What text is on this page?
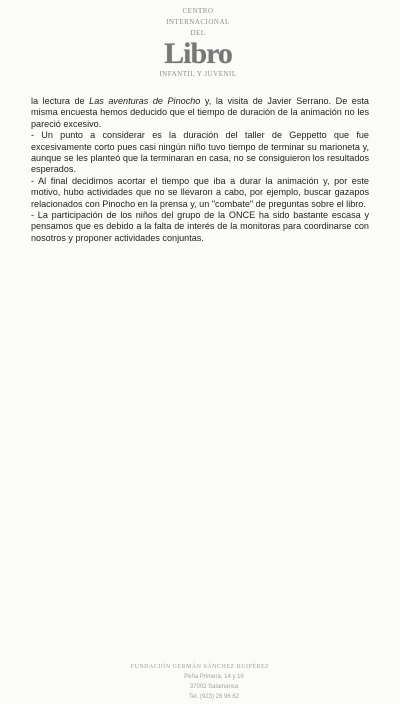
CENTRO
INTERNACIONAL
DEL
Libro
INFANTIL Y JUVENIL

la lectura de Las aventuras de Pinocho y, la visita de Javier Serrano. De esta misma encuesta hemos deducido que el tiempo de duración de la animación no les pareció excesivo.

- Un punto a considerar es la duración del taller de Geppetto que fue excesivamente corto pues casi ningún niño tuvo tiempo de terminar su marioneta y, aunque se les planteó que la terminaran en casa, no se consiguieron los resultados esperados.

- Al final decidimos acortar el tiempo que iba a durar la animación y, por este motivo, hubo actividades que no se llevaron a cabo, por ejemplo, buscar gazapos relacionados con Pinocho en la prensa y, un "combate" de preguntas sobre el libro.

- La participación de los niños del grupo de la ONCE ha sido bastante escasa y pensamos que es debido a la falta de interés de la monitoras para coordinarse con nosotros y proponer actividades conjuntas.

FUNDACIÓN GERMÁN SÁNCHEZ RUIPÉREZ
Peña Primera, 14 y 16
37002 Salamanca
Tel. (923) 26 96 62
